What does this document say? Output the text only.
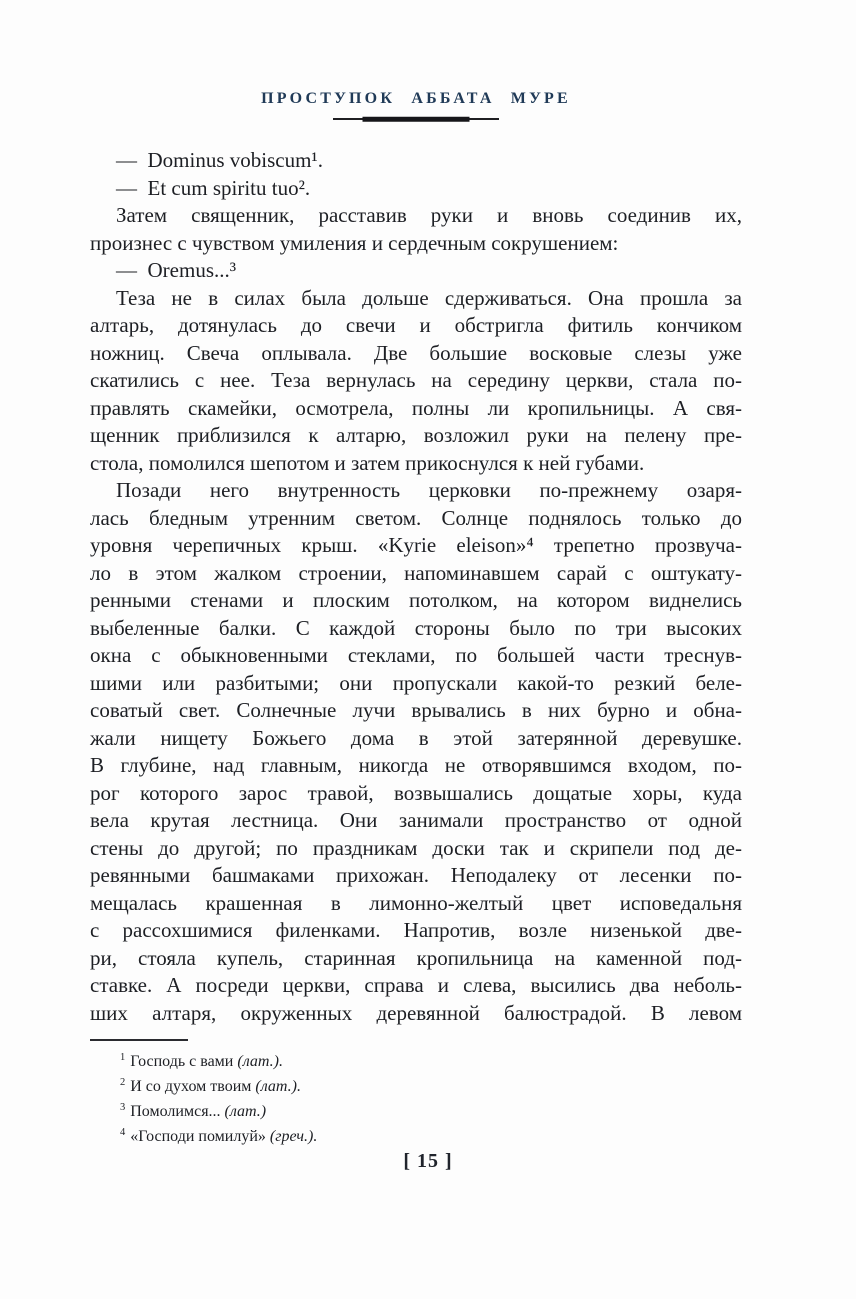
ПРОСТУПОК АББАТА МУРЕ
— Dominus vobiscum¹.
— Et cum spiritu tuo².
Затем священник, расставив руки и вновь соединив их,
произнес с чувством умиления и сердечным сокрушением:
— Oremus...³
Теза не в силах была дольше сдерживаться. Она прошла за
алтарь, дотянулась до свечи и обстригла фитиль кончиком
ножниц. Свеча оплывала. Две большие восковые слезы уже
скатились с нее. Теза вернулась на середину церкви, стала по-
правлять скамейки, осмотрела, полны ли кропильницы. А свя-
щенник приблизился к алтарю, возложил руки на пелену пре-
стола, помолился шепотом и затем прикоснулся к ней губами.
Позади него внутренность церковки по-прежнему озаря-
лась бледным утренним светом. Солнце поднялось только до
уровня черепичных крыш. «Kyrie eleison»⁴ трепетно прозвуча-
ло в этом жалком строении, напоминавшем сарай с оштукату-
ренными стенами и плоским потолком, на котором виднелись
выбеленные балки. С каждой стороны было по три высоких
окна с обыкновенными стеклами, по большей части треснув-
шими или разбитыми; они пропускали какой-то резкий беле-
соватый свет. Солнечные лучи врывались в них бурно и обна-
жали нищету Божьего дома в этой затерянной деревушке.
В глубине, над главным, никогда не отворявшимся входом, по-
рог которого зарос травой, возвышались дощатые хоры, куда
вела крутая лестница. Они занимали пространство от одной
стены до другой; по праздникам доски так и скрипели под де-
ревянными башмаками прихожан. Неподалеку от лесенки по-
мещалась крашенная в лимонно-желтый цвет исповедальня
с рассохшимися филенками. Напротив, возле низенькой две-
ри, стояла купель, старинная кропильница на каменной под-
ставке. А посреди церкви, справа и слева, высились два неболь-
ших алтаря, окруженных деревянной балюстрадой. В левом
$^1$ Господь с вами (лат.).
$^2$ И со духом твоим (лат.).
$^3$ Помолимся... (лат.)
$^4$ «Господи помилуй» (греч.).
[ 15 ]
